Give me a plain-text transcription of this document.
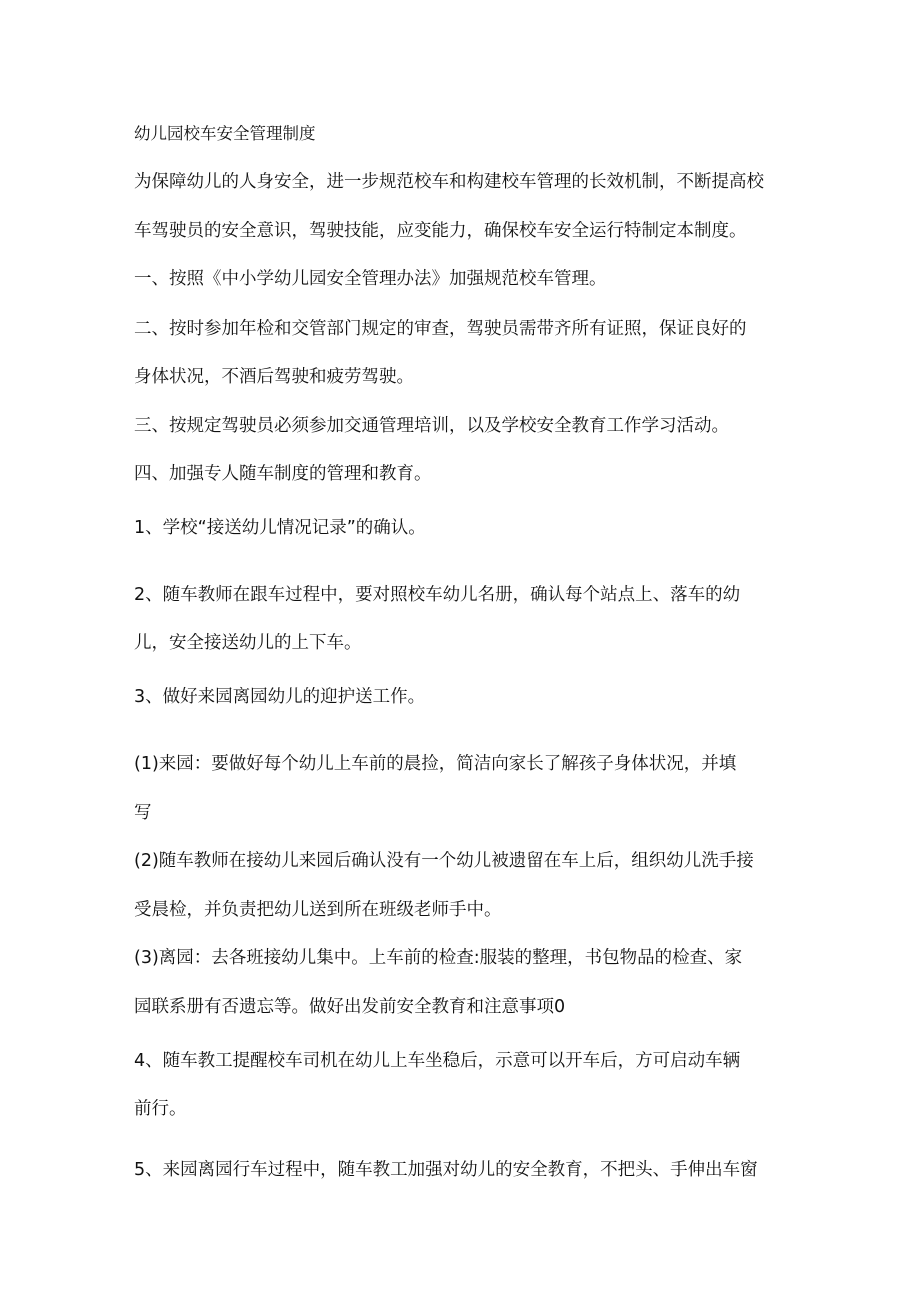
幼儿园校车安全管理制度
为保障幼儿的人身安全，进一步规范校车和构建校车管理的长效机制，不断提高校
车驾驶员的安全意识，驾驶技能，应变能力，确保校车安全运行特制定本制度。
一、按照《中小学幼儿园安全管理办法》加强规范校车管理。
二、按时参加年检和交管部门规定的审查，驾驶员需带齐所有证照，保证良好的
身体状况，不酒后驾驶和疲劳驾驶。
三、按规定驾驶员必须参加交通管理培训，以及学校安全教育工作学习活动。
四、加强专人随车制度的管理和教育。
1、学校“接送幼儿情况记录”的确认。
2、随车教师在跟车过程中，要对照校车幼儿名册，确认每个站点上、落车的幼
儿，安全接送幼儿的上下车。
3、做好来园离园幼儿的迎护送工作。
(1)来园：要做好每个幼儿上车前的晨捡，简洁向家长了解孩子身体状况，并填
写
(2)随车教师在接幼儿来园后确认没有一个幼儿被遗留在车上后，组织幼儿洗手接
受晨检，并负责把幼儿送到所在班级老师手中。
(3)离园：去各班接幼儿集中。上车前的检查:服装的整理，书包物品的检查、家
园联系册有否遗忘等。做好出发前安全教育和注意事项0
4、随车教工提醒校车司机在幼儿上车坐稳后，示意可以开车后，方可启动车辆
前行。
5、来园离园行车过程中，随车教工加强对幼儿的安全教育，不把头、手伸出车窗
